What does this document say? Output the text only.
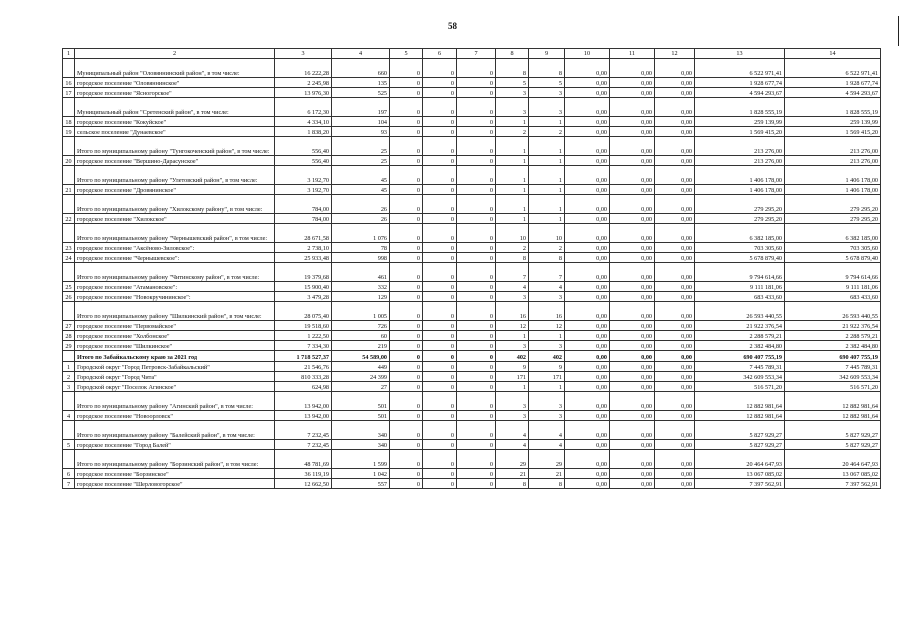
58
1	2	3	4	5	6	7	8	9	10	11	12	13	14
	Муниципальный район "Оловяннинский район", в том числе:	16 222,28	660	0	0	0	8	8	0,00	0,00	0,00	6 522 971,41	6 522 971,41
16	городское поселение "Оловяннинское"	2 245,98	135	0	0	0	5	5	0,00	0,00	0,00	1 928 677,74	1 928 677,74
17	городское поселение "Ясногорское"	13 976,30	525	0	0	0	3	3	0,00	0,00	0,00	4 594 293,67	4 594 293,67
	Муниципальный район "Сретенский район", в том числе:	6 172,30	197	0	0	0	3	3	0,00	0,00	0,00	1 828 555,19	1 828 555,19
18	городское поселение "Кокуйское"	4 334,10	104	0	0	0	1	1	0,00	0,00	0,00	259 139,99	259 139,99
19	сельское поселение "Дунаевское"	1 838,20	93	0	0	0	2	2	0,00	0,00	0,00	1 569 415,20	1 569 415,20
	Итого по муниципальному району "Тунгокоченский район", в том числе:	556,40	25	0	0	0	1	1	0,00	0,00	0,00	213 276,00	213 276,00
20	городское поселение "Вершино-Дарасунское"	556,40	25	0	0	0	1	1	0,00	0,00	0,00	213 276,00	213 276,00
	Итого по муниципальному району "Улетовский район", в том числе:	3 192,70	45	0	0	0	1	1	0,00	0,00	0,00	1 406 178,00	1 406 178,00
21	городское поселение "Дровянинское"	3 192,70	45	0	0	0	1	1	0,00	0,00	0,00	1 406 178,00	1 406 178,00
	Итого по муниципальному району "Хилокскому району", в том числе:	784,00	26	0	0	0	1	1	0,00	0,00	0,00	279 295,20	279 295,20
22	городское поселение "Хилокское"	784,00	26	0	0	0	1	1	0,00	0,00	0,00	279 295,20	279 295,20
	Итого по муниципальному району "Чернышевский район", в том числе:	28 671,58	1 076	0	0	0	10	10	0,00	0,00	0,00	6 382 185,00	6 382 185,00
23	городское поселение "Аксёново-Зиловское":	2 738,10	78	0	0	0	2	2	0,00	0,00	0,00	703 305,60	703 305,60
24	городское поселение "Чернышевское":	25 933,48	998	0	0	0	8	8	0,00	0,00	0,00	5 678 879,40	5 678 879,40
	Итого по муниципальному району "Читинскому район", в том числе:	19 379,68	461	0	0	0	7	7	0,00	0,00	0,00	9 794 614,66	9 794 614,66
25	городское поселение "Атамановское":	15 900,40	332	0	0	0	4	4	0,00	0,00	0,00	9 111 181,06	9 111 181,06
26	городское поселение "Новокручининское":	3 479,28	129	0	0	0	3	3	0,00	0,00	0,00	683 433,60	683 433,60
	Итого по муниципальному району "Шилкинский район", в том числе:	28 075,40	1 005	0	0	0	16	16	0,00	0,00	0,00	26 593 440,55	26 593 440,55
27	городское поселение "Первомайское"	19 518,60	726	0	0	0	12	12	0,00	0,00	0,00	21 922 376,54	21 922 376,54
28	городское поселение "Холбонское"	1 222,50	60	0	0	0	1	1	0,00	0,00	0,00	2 288 579,21	2 288 579,21
29	городское поселение "Шилкинское"	7 334,30	219	0	0	0	3	3	0,00	0,00	0,00	2 382 484,80	2 382 484,80
	Итого по Забайкальскому краю за 2021 год	1 718 527,37	54 589,00	0	0	0	402	402	0,00	0,00	0,00	690 407 755,19	690 407 755,19
1	Городской округ "Город Петровск-Забайкальский"	21 546,76	449	0	0	0	9	9	0,00	0,00	0,00	7 445 789,31	7 445 789,31
2	Городской округ "Город Чита"	810 333,28	24 399	0	0	0	171	171	0,00	0,00	0,00	342 609 553,34	342 609 553,34
3	Городской округ "Поселок Агинское"	624,98	27	0	0	0	1	1	0,00	0,00	0,00	516 571,20	516 571,20
	Итого по муниципальному району "Агинский район", в том числе:	13 942,00	501	0	0	0	3	3	0,00	0,00	0,00	12 882 981,64	12 882 981,64
4	городское поселение "Новоорловск"	13 942,00	501	0	0	0	3	3	0,00	0,00	0,00	12 882 981,64	12 882 981,64
	Итого по муниципальному району "Балейский район", в том числе:	7 232,45	340	0	0	0	4	4	0,00	0,00	0,00	5 827 929,27	5 827 929,27
5	городское поселение "Город Балей"	7 232,45	340	0	0	0	4	4	0,00	0,00	0,00	5 827 929,27	5 827 929,27
	Итого по муниципальному району "Борзинский район", в том числе:	48 781,69	1 599	0	0	0	29	29	0,00	0,00	0,00	20 464 647,93	20 464 647,93
6	городское поселение "Борзинское"	36 119,19	1 042	0	0	0	21	21	0,00	0,00	0,00	13 067 085,02	13 067 085,02
7	городское поселение "Шерловогорское"	12 662,50	557	0	0	0	8	8	0,00	0,00	0,00	7 397 562,91	7 397 562,91
